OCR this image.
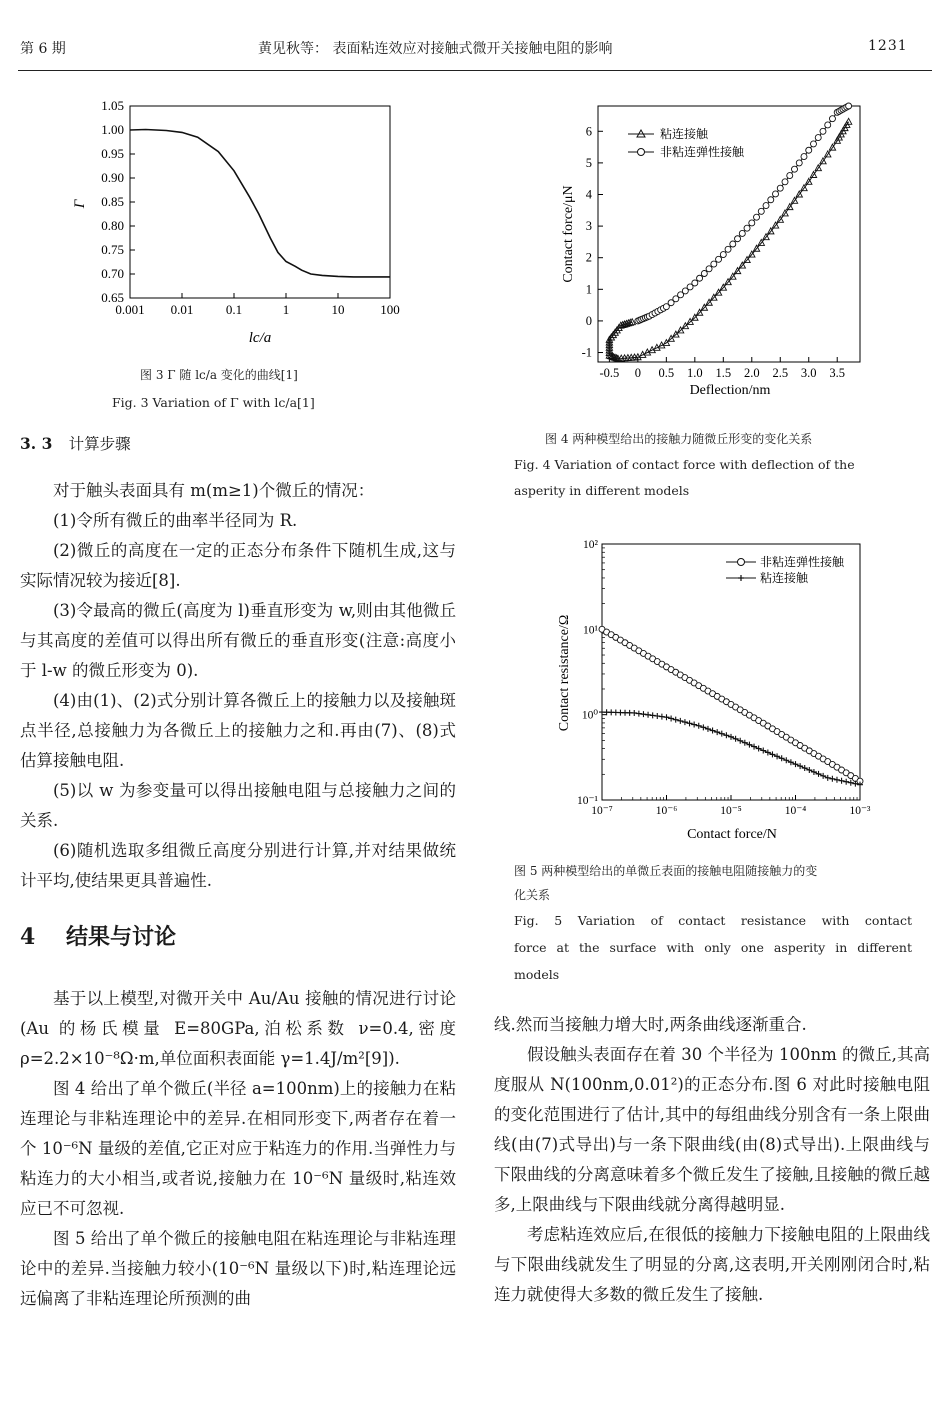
第 6 期	黄见秋等： 表面粘连效应对接触式微开关接触电阻的影响	1231
0.001 0.01	0.1	1	10	100
0.65
0.70
0.75
0.80
0.85
0.90
0.95
1.00
1.05
Γ
lc/a
图 3 Γ 随 lc/a 变化的曲线[1]
Fig. 3 Variation of Γ with lc/a[1]
3. 3 计算步骤

对于触头表面具有 m(m≥1)个微丘的情况：

(1)令所有微丘的曲率半径同为 R.

(2)微丘的高度在一定的正态分布条件下随机生成,这与实际情况较为接近[8].

(3)令最高的微丘(高度为 l)垂直形变为 w,则由其他微丘与其高度的差值可以得出所有微丘的垂直形变(注意:高度小于 l-w 的微丘形变为 0).

(4)由(1)、(2)式分别计算各微丘上的接触力以及接触斑点半径,总接触力为各微丘上的接触力之和.再由(7)、(8)式估算接触电阻.

(5)以 w 为参变量可以得出接触电阻与总接触力之间的关系.

(6)随机选取多组微丘高度分别进行计算,并对结果做统计平均,使结果更具普遍性.

4 结果与讨论

基于以上模型,对微开关中 Au/Au 接触的情况进行讨论(Au 的杨氏模量 E=80GPa,泊松系数 ν=0.4,密度 ρ=2.2×10⁻⁸Ω·m,单位面积表面能 γ=1.4J/m²[9]).

图 4 给出了单个微丘(半径 a=100nm)上的接触力在粘连理论与非粘连理论中的差异.在相同形变下,两者存在着一个 10⁻⁶N 量级的差值,它正对应于粘连力的作用.当弹性力与粘连力的大小相当,或者说,接触力在 10⁻⁶N 量级时,粘连效应已不可忽视.

图 5 给出了单个微丘的接触电阻在粘连理论与非粘连理论中的差异.当接触力较小(10⁻⁶N 量级以下)时,粘连理论远远偏离了非粘连理论所预测的曲

-0.5 0 0.5 1.0 1.5 2.0 2.5 3.0 3.5
-1
0
1
2
3
4
5
6	粘连接触
非粘连弹性接触
Contact force/μN
Deflection/nm
图 4 两种模型给出的接触力随微丘形变的变化关系
Fig. 4 Variation of contact force with deflection of the
asperity in different models
10⁻⁷	10⁻⁶	10⁻⁵	10⁻⁴	10⁻³
10⁻¹
10⁰
10¹
10²
非粘连弹性接触
粘连接触
Contact resistance/Ω
Contact force/N
图 5 两种模型给出的单微丘表面的接触电阻随接触力的变
化关系
Fig. 5 Variation of contact resistance with contact
force at the surface with only one asperity in different
models

线.然而当接触力增大时,两条曲线逐渐重合.

假设触头表面存在着 30 个半径为 100nm 的微丘,其高度服从 N(100nm,0.01²)的正态分布.图 6 对此时接触电阻的变化范围进行了估计,其中的每组曲线分别含有一条上限曲线(由(7)式导出)与一条下限曲线(由(8)式导出).上限曲线与下限曲线的分离意味着多个微丘发生了接触,且接触的微丘越多,上限曲线与下限曲线就分离得越明显.

考虑粘连效应后,在很低的接触力下接触电阻的上限曲线与下限曲线就发生了明显的分离,这表明,开关刚刚闭合时,粘连力就使得大多数的微丘发生了接触.
